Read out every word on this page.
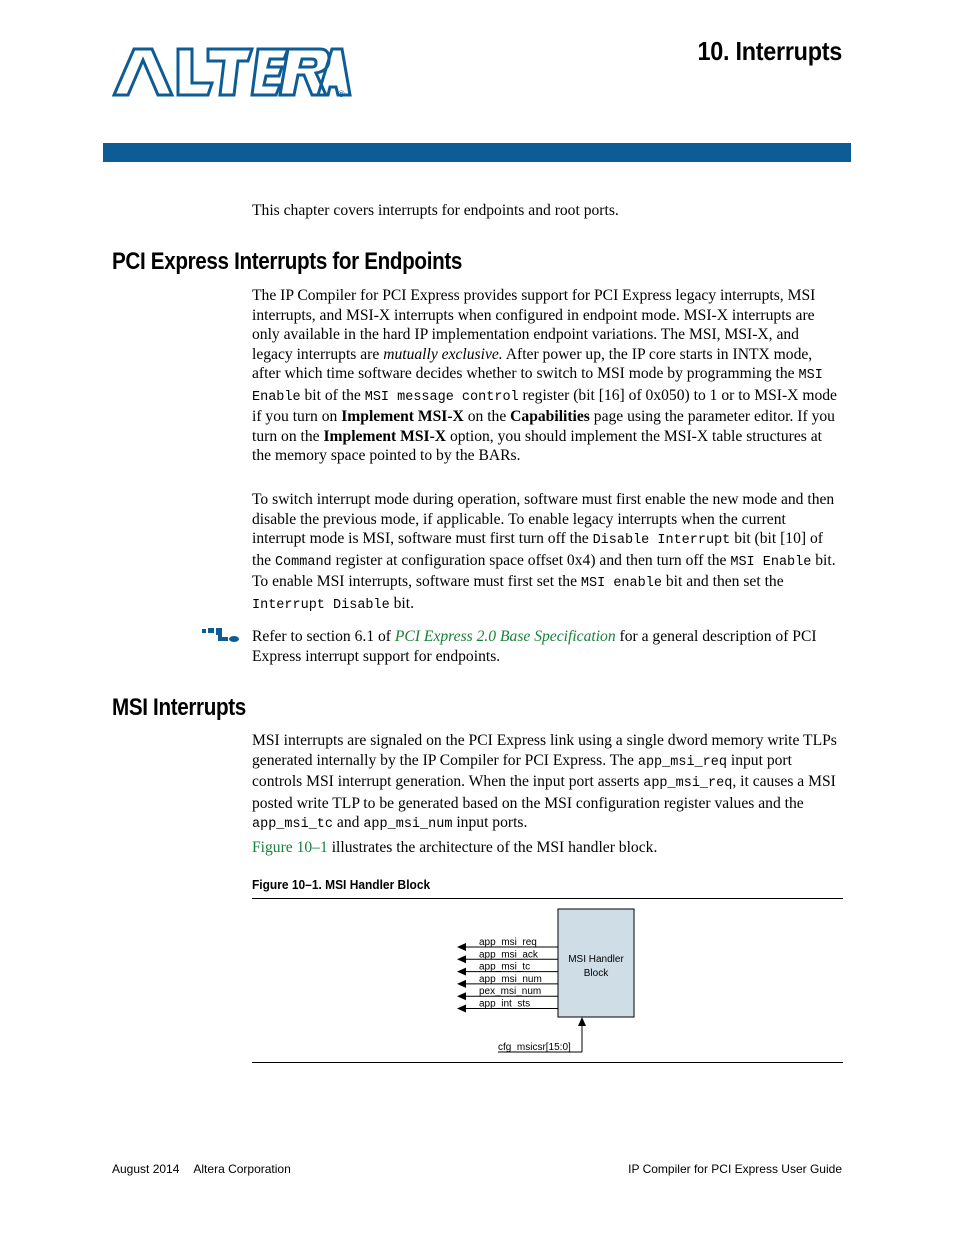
®
10. Interrupts

This chapter covers interrupts for endpoints and root ports.

PCI Express Interrupts for Endpoints

The IP Compiler for PCI Express provides support for PCI Express legacy interrupts, MSI interrupts, and MSI-X interrupts when configured in endpoint mode. MSI-X interrupts are only available in the hard IP implementation endpoint variations. The MSI, MSI-X, and legacy interrupts are mutually exclusive. After power up, the IP core starts in INTX mode, after which time software decides whether to switch to MSI mode by programming the MSI Enable bit of the MSI message control register (bit [16] of 0x050) to 1 or to MSI-X mode if you turn on Implement MSI-X on the Capabilities page using the parameter editor. If you turn on the Implement MSI-X option, you should implement the MSI-X table structures at the memory space pointed to by the BARs.

To switch interrupt mode during operation, software must first enable the new mode and then disable the previous mode, if applicable. To enable legacy interrupts when the current interrupt mode is MSI, software must first turn off the Disable Interrupt bit (bit [10] of the Command register at configuration space offset 0x4) and then turn off the MSI Enable bit. To enable MSI interrupts, software must first set the MSI enable bit and then set the Interrupt Disable bit.

Refer to section 6.1 of PCI Express 2.0 Base Specification for a general description of PCI Express interrupt support for endpoints.

MSI Interrupts

MSI interrupts are signaled on the PCI Express link using a single dword memory write TLPs generated internally by the IP Compiler for PCI Express. The app_msi_req input port controls MSI interrupt generation. When the input port asserts app_msi_req, it causes a MSI posted write TLP to be generated based on the MSI configuration register values and the app_msi_tc and app_msi_num input ports.

Figure 10–1 illustrates the architecture of the MSI handler block.

Figure 10–1. MSI Handler Block
MSI Handler
Block
app_msi_req
app_msi_ack
app_msi_tc
app_msi_num
pex_msi_num
app_int_sts
cfg_msicsr[15:0]
August 2014 Altera Corporation	IP Compiler for PCI Express User Guide
